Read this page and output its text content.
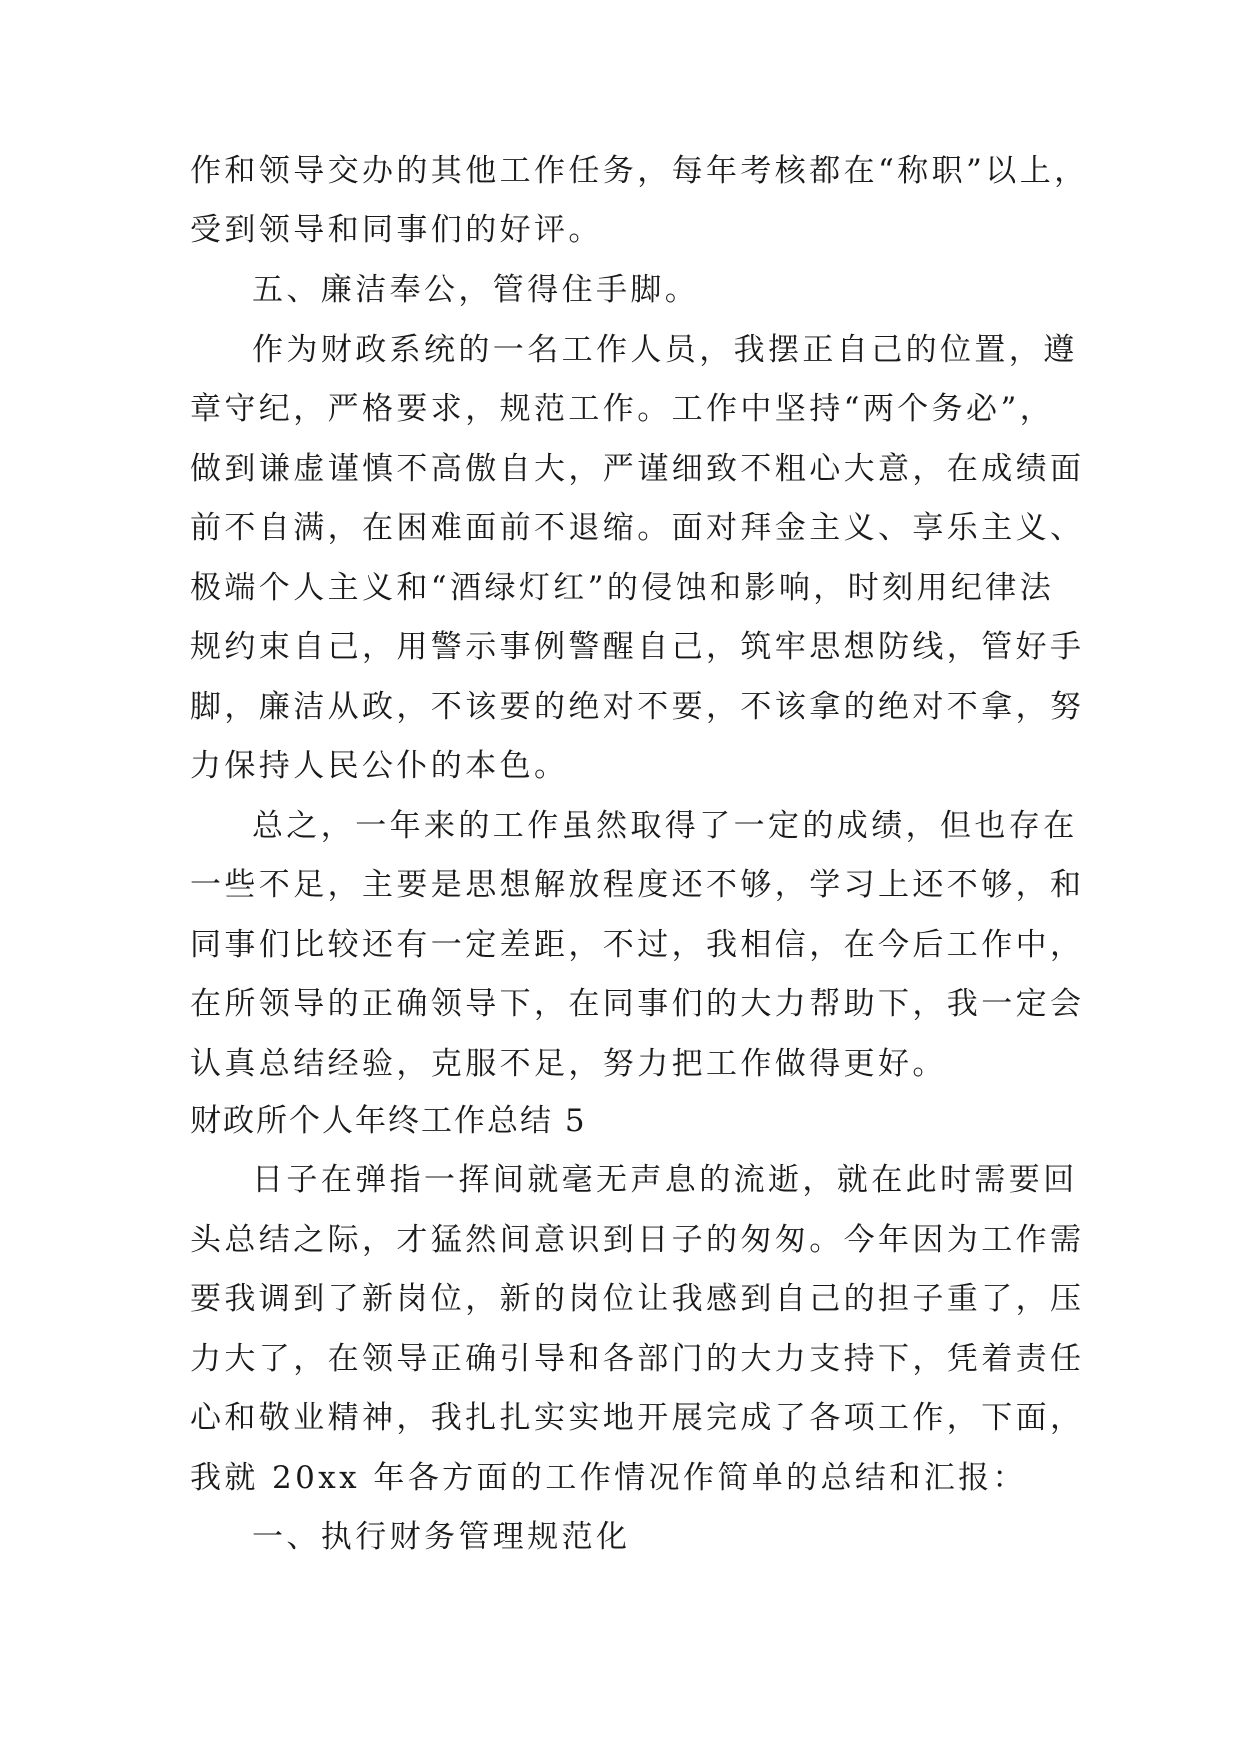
作和领导交办的其他工作任务，每年考核都在“称职”以上，
受到领导和同事们的好评。
五、廉洁奉公，管得住手脚。
作为财政系统的一名工作人员，我摆正自己的位置，遵
章守纪，严格要求，规范工作。工作中坚持“两个务必”，
做到谦虚谨慎不高傲自大，严谨细致不粗心大意，在成绩面
前不自满，在困难面前不退缩。面对拜金主义、享乐主义、
极端个人主义和“酒绿灯红”的侵蚀和影响，时刻用纪律法
规约束自己，用警示事例警醒自己，筑牢思想防线，管好手
脚，廉洁从政，不该要的绝对不要，不该拿的绝对不拿，努
力保持人民公仆的本色。
总之，一年来的工作虽然取得了一定的成绩，但也存在
一些不足，主要是思想解放程度还不够，学习上还不够，和
同事们比较还有一定差距，不过，我相信，在今后工作中，
在所领导的正确领导下，在同事们的大力帮助下，我一定会
认真总结经验，克服不足，努力把工作做得更好。
财政所个人年终工作总结 5
日子在弹指一挥间就毫无声息的流逝，就在此时需要回
头总结之际，才猛然间意识到日子的匆匆。今年因为工作需
要我调到了新岗位，新的岗位让我感到自己的担子重了，压
力大了，在领导正确引导和各部门的大力支持下，凭着责任
心和敬业精神，我扎扎实实地开展完成了各项工作，下面，
我就 20xx 年各方面的工作情况作简单的总结和汇报：
一、执行财务管理规范化
